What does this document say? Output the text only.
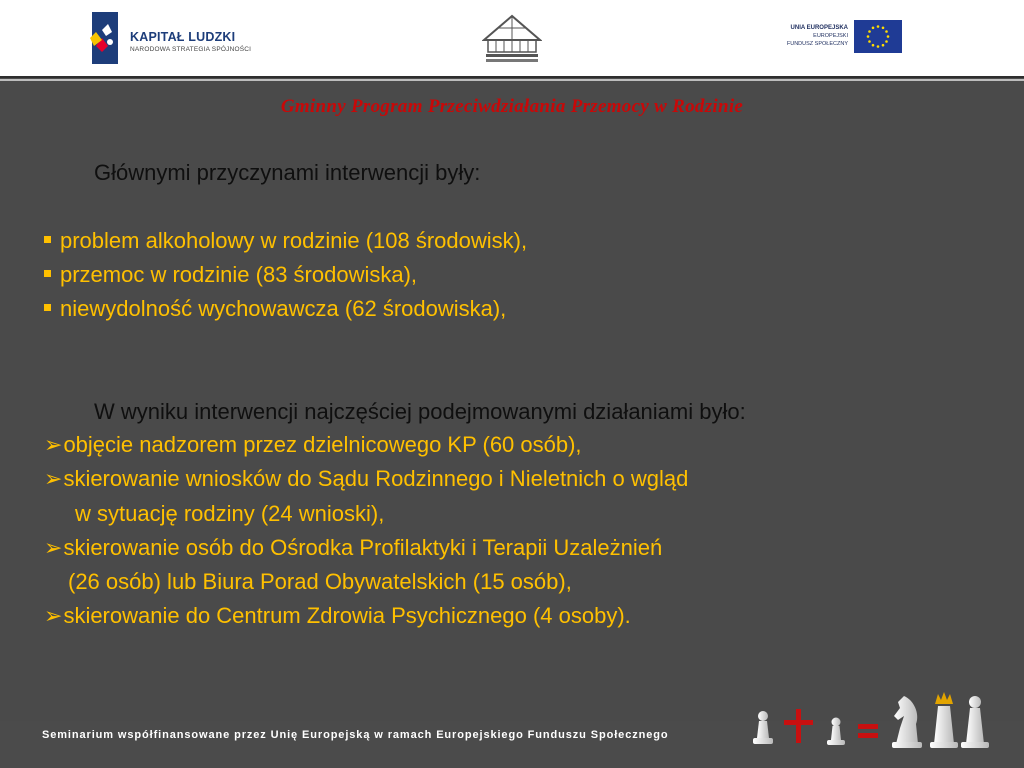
KAPITAŁ LUDZKI
NARODOWA STRATEGIA SPÓJNOŚCI
UNIA EUROPEJSKA
EUROPEJSKI
FUNDUSZ SPOŁECZNY
Gminny Program Przeciwdziałania Przemocy w Rodzinie
Głównymi przyczynami interwencji były:
problem alkoholowy w rodzinie (108 środowisk),
przemoc w rodzinie (83 środowiska),
niewydolność wychowawcza (62 środowiska),
W wyniku interwencji najczęściej podejmowanymi działaniami było:
➢objęcie nadzorem przez dzielnicowego KP (60 osób),
➢skierowanie wniosków do Sądu Rodzinnego i Nieletnich o wgląd
w sytuację rodziny (24 wnioski),
➢skierowanie osób do Ośrodka Profilaktyki i Terapii Uzależnień
(26 osób) lub Biura Porad Obywatelskich (15 osób),
➢skierowanie do Centrum Zdrowia Psychicznego (4 osoby).
Seminarium współfinansowane przez Unię Europejską w ramach Europejskiego Funduszu Społecznego
